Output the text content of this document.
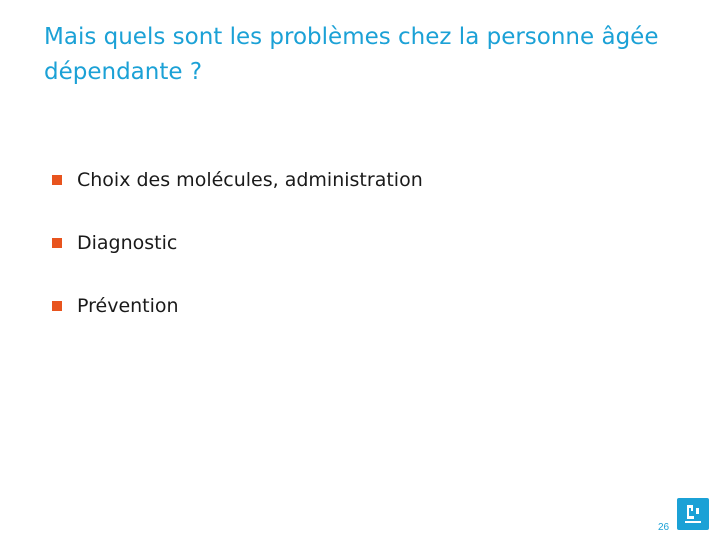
Mais quels sont les problèmes chez la personne âgée dépendante ?
Choix des molécules, administration
Diagnostic
Prévention
26
